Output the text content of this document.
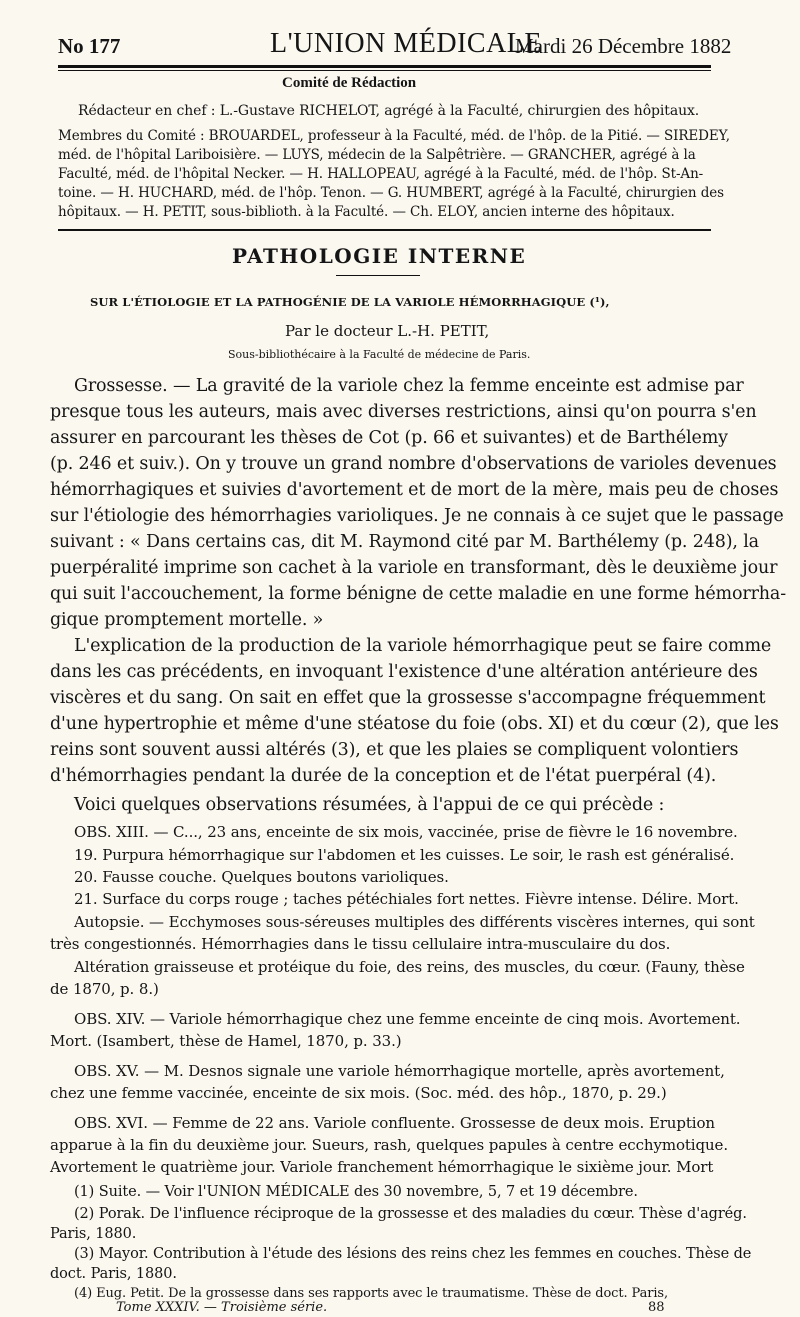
No 177	L'UNION MÉDICALE
Mardi 26 Décembre 1882
Comité de Rédaction
Rédacteur en chef : L.-Gustave RICHELOT, agrégé à la Faculté, chirurgien des hôpitaux.
Membres du Comité : BROUARDEL, professeur à la Faculté, méd. de l'hôp. de la Pitié. — SIREDEY,
méd. de l'hôpital Lariboisière. — LUYS, médecin de la Salpêtrière. — GRANCHER, agrégé à la
Faculté, méd. de l'hôpital Necker. — H. HALLOPEAU, agrégé à la Faculté, méd. de l'hôp. St-An-
toine. — H. HUCHARD, méd. de l'hôp. Tenon. — G. HUMBERT, agrégé à la Faculté, chirurgien des
hôpitaux. — H. PETIT, sous-biblioth. à la Faculté. — Ch. ELOY, ancien interne des hôpitaux.
PATHOLOGIE INTERNE
SUR L'ÉTIOLOGIE ET LA PATHOGÉNIE DE LA VARIOLE HÉMORRHAGIQUE (¹),
Par le docteur L.-H. PETIT,
Sous-bibliothécaire à la Faculté de médecine de Paris.
Grossesse. — La gravité de la variole chez la femme enceinte est admise par
presque tous les auteurs, mais avec diverses restrictions, ainsi qu'on pourra s'en
assurer en parcourant les thèses de Cot (p. 66 et suivantes) et de Barthélemy
(p. 246 et suiv.). On y trouve un grand nombre d'observations de varioles devenues
hémorrhagiques et suivies d'avortement et de mort de la mère, mais peu de choses
sur l'étiologie des hémorrhagies varioliques. Je ne connais à ce sujet que le passage
suivant : « Dans certains cas, dit M. Raymond cité par M. Barthélemy (p. 248), la
puerpéralité imprime son cachet à la variole en transformant, dès le deuxième jour
qui suit l'accouchement, la forme bénigne de cette maladie en une forme hémorrha-
gique promptement mortelle. »
L'explication de la production de la variole hémorrhagique peut se faire comme
dans les cas précédents, en invoquant l'existence d'une altération antérieure des
viscères et du sang. On sait en effet que la grossesse s'accompagne fréquemment
d'une hypertrophie et même d'une stéatose du foie (obs. XI) et du cœur (2), que les
reins sont souvent aussi altérés (3), et que les plaies se compliquent volontiers
d'hémorrhagies pendant la durée de la conception et de l'état puerpéral (4).
Voici quelques observations résumées, à l'appui de ce qui précède :
OBS. XIII. — C..., 23 ans, enceinte de six mois, vaccinée, prise de fièvre le 16 novembre.
19. Purpura hémorrhagique sur l'abdomen et les cuisses. Le soir, le rash est généralisé.
20. Fausse couche. Quelques boutons varioliques.
21. Surface du corps rouge ; taches pétéchiales fort nettes. Fièvre intense. Délire. Mort.
Autopsie. — Ecchymoses sous-séreuses multiples des différents viscères internes, qui sont
très congestionnés. Hémorrhagies dans le tissu cellulaire intra-musculaire du dos.
Altération graisseuse et protéique du foie, des reins, des muscles, du cœur. (Fauny, thèse
de 1870, p. 8.)
OBS. XIV. — Variole hémorrhagique chez une femme enceinte de cinq mois. Avortement.
Mort. (Isambert, thèse de Hamel, 1870, p. 33.)
OBS. XV. — M. Desnos signale une variole hémorrhagique mortelle, après avortement,
chez une femme vaccinée, enceinte de six mois. (Soc. méd. des hôp., 1870, p. 29.)
OBS. XVI. — Femme de 22 ans. Variole confluente. Grossesse de deux mois. Eruption
apparue à la fin du deuxième jour. Sueurs, rash, quelques papules à centre ecchymotique.
Avortement le quatrième jour. Variole franchement hémorrhagique le sixième jour. Mort
(1) Suite. — Voir l'UNION MÉDICALE des 30 novembre, 5, 7 et 19 décembre.
(2) Porak. De l'influence réciproque de la grossesse et des maladies du cœur. Thèse d'agrég.
Paris, 1880.
(3) Mayor. Contribution à l'étude des lésions des reins chez les femmes en couches. Thèse de
doct. Paris, 1880.
(4) Eug. Petit. De la grossesse dans ses rapports avec le traumatisme. Thèse de doct. Paris,
Tome XXXIV. — Troisième série.	88
